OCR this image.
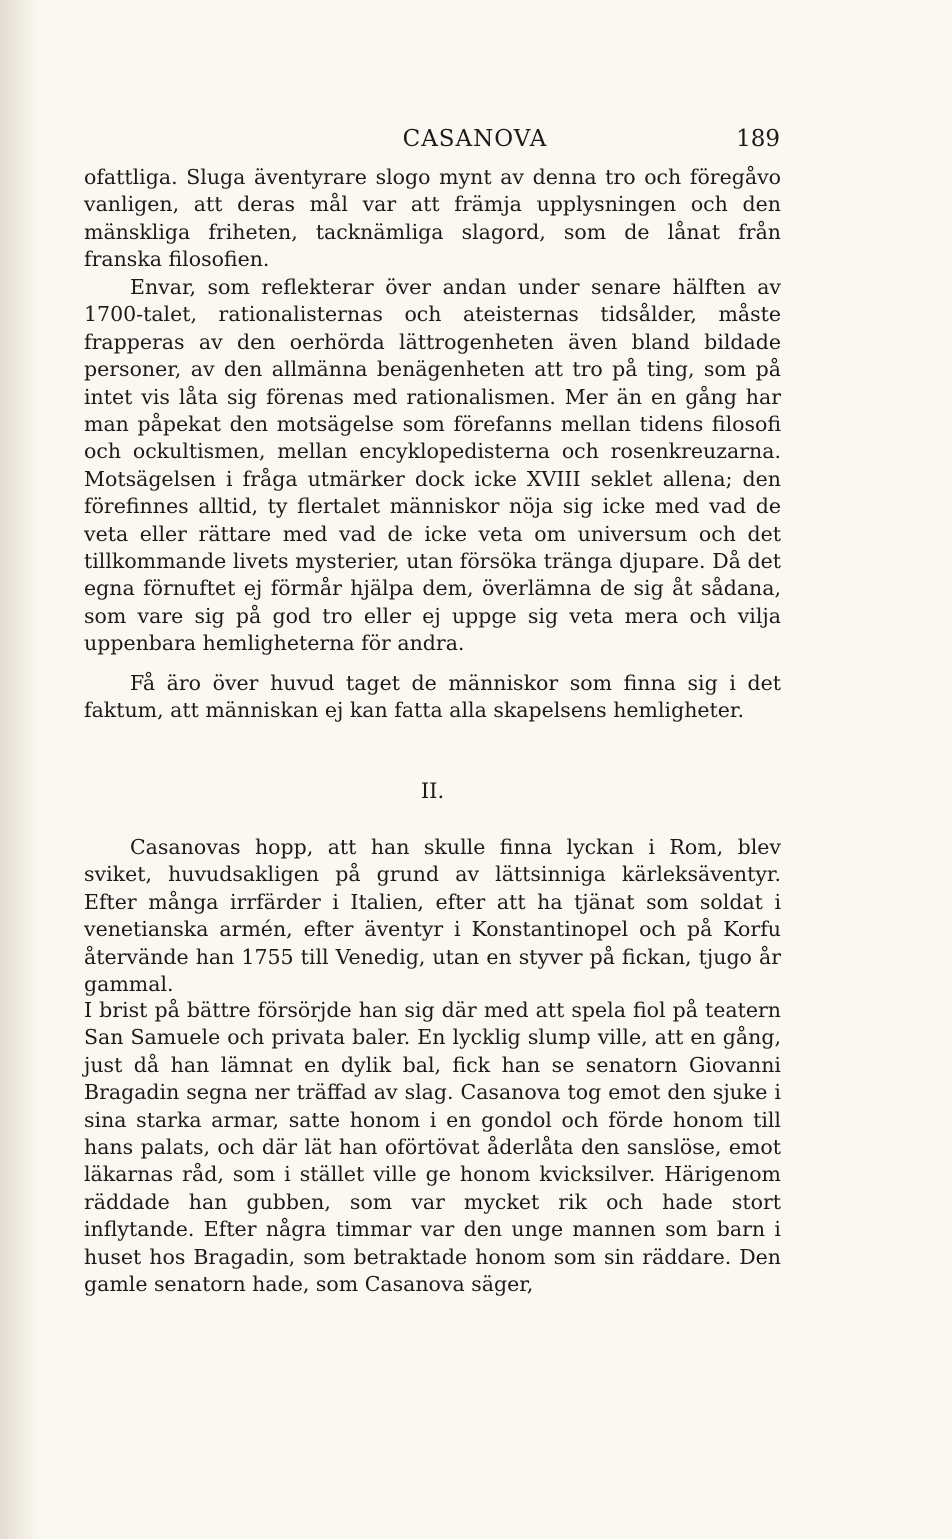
CASANOVA	189

ofattliga. Sluga äventyrare slogo mynt av denna tro och föregåvo vanligen, att deras mål var att främja upplysningen och den mänskliga friheten, tacknämliga slagord, som de lånat från franska filosofien.

Envar, som reflekterar över andan under senare hälften av 1700-talet, rationalisternas och ateisternas tidsålder, måste frapperas av den oerhörda lättrogenheten även bland bildade personer, av den allmänna benägenheten att tro på ting, som på intet vis låta sig förenas med rationalismen. Mer än en gång har man påpekat den motsägelse som förefanns mellan tidens filosofi och ockultismen, mellan encyklopedisterna och rosenkreuzarna. Motsägelsen i fråga utmärker dock icke XVIII seklet allena; den förefinnes alltid, ty flertalet människor nöja sig icke med vad de veta eller rättare med vad de icke veta om universum och det tillkommande livets mysterier, utan försöka tränga djupare. Då det egna förnuftet ej förmår hjälpa dem, överlämna de sig åt sådana, som vare sig på god tro eller ej uppge sig veta mera och vilja uppenbara hemligheterna för andra.

Få äro över huvud taget de människor som finna sig i det faktum, att människan ej kan fatta alla skapelsens hemligheter.

II.

Casanovas hopp, att han skulle finna lyckan i Rom, blev sviket, huvudsakligen på grund av lättsinniga kärleksäventyr. Efter många irrfärder i Italien, efter att ha tjänat som soldat i venetianska armén, efter äventyr i Konstantinopel och på Korfu återvände han 1755 till Venedig, utan en styver på fickan, tjugo år gammal.

I brist på bättre försörjde han sig där med att spela fiol på teatern San Samuele och privata baler. En lycklig slump ville, att en gång, just då han lämnat en dylik bal, fick han se senatorn Giovanni Bragadin segna ner träffad av slag. Casanova tog emot den sjuke i sina starka armar, satte honom i en gondol och förde honom till hans palats, och där lät han oförtövat åderlåta den sanslöse, emot läkarnas råd, som i stället ville ge honom kvicksilver. Härigenom räddade han gubben, som var mycket rik och hade stort inflytande. Efter några timmar var den unge mannen som barn i huset hos Bragadin, som betraktade honom som sin räddare. Den gamle senatorn hade, som Casanova säger,
